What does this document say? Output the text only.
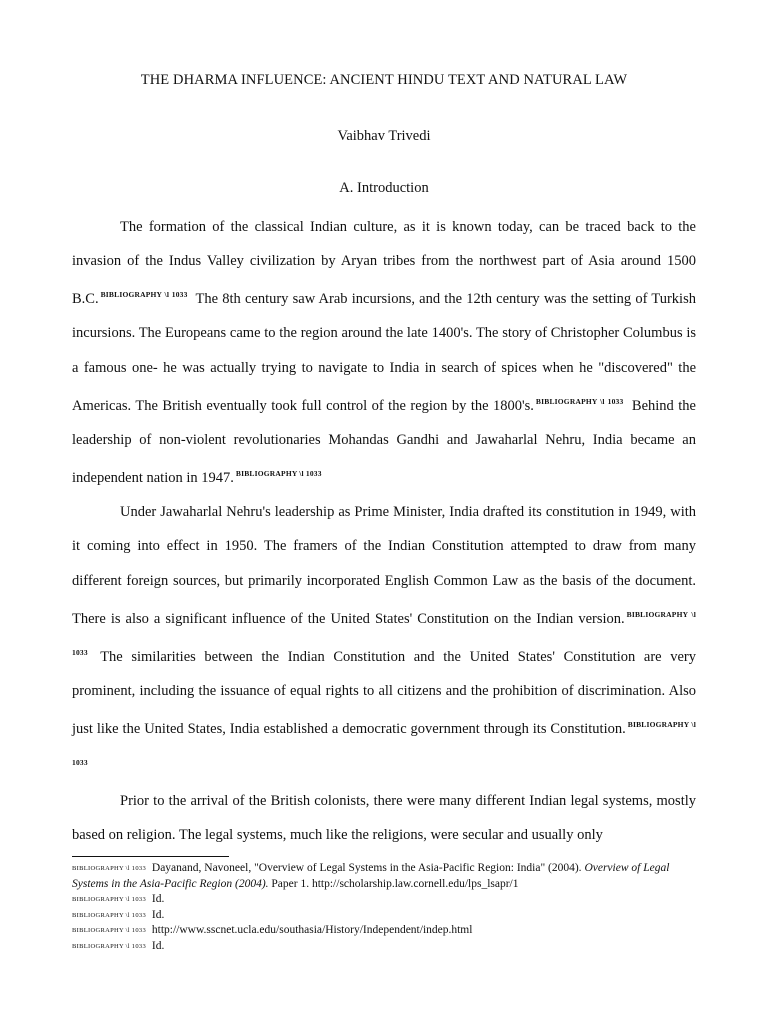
THE DHARMA INFLUENCE: ANCIENT HINDU TEXT AND NATURAL LAW
Vaibhav Trivedi
A. Introduction

The formation of the classical Indian culture, as it is known today, can be traced back to the invasion of the Indus Valley civilization by Aryan tribes from the northwest part of Asia around 1500 B.C. $^{BIBLIOGRAPHY \backslash l 1033}$ The 8th century saw Arab incursions, and the 12th century was the setting of Turkish incursions. The Europeans came to the region around the late 1400's. The story of Christopher Columbus is a famous one- he was actually trying to navigate to India in search of spices when he "discovered" the Americas. The British eventually took full control of the region by the 1800's. $^{BIBLIOGRAPHY \backslash l 1033}$ Behind the leadership of non-violent revolutionaries Mohandas Gandhi and Jawaharlal Nehru, India became an independent nation in 1947. $^{BIBLIOGRAPHY \backslash l 1033}$

Under Jawaharlal Nehru's leadership as Prime Minister, India drafted its constitution in 1949, with it coming into effect in 1950. The framers of the Indian Constitution attempted to draw from many different foreign sources, but primarily incorporated English Common Law as the basis of the document. There is also a significant influence of the United States' Constitution on the Indian version. $^{BIBLIOGRAPHY \backslash l 1033}$ The similarities between the Indian Constitution and the United States' Constitution are very prominent, including the issuance of equal rights to all citizens and the prohibition of discrimination. Also just like the United States, India established a democratic government through its Constitution. $^{BIBLIOGRAPHY \backslash l 1033}$

Prior to the arrival of the British colonists, there were many different Indian legal systems, mostly based on religion. The legal systems, much like the religions, were secular and usually only

BIBLIOGRAPHY \l 1033 Dayanand, Navoneel, "Overview of Legal Systems in the Asia-Pacific Region: India" (2004). Overview of Legal Systems in the Asia-Pacific Region (2004). Paper 1. http://scholarship.law.cornell.edu/lps_lsapr/1

BIBLIOGRAPHY \l 1033 Id.

BIBLIOGRAPHY \l 1033 Id.

BIBLIOGRAPHY \l 1033 http://www.sscnet.ucla.edu/southasia/History/Independent/indep.html

BIBLIOGRAPHY \l 1033 Id.
